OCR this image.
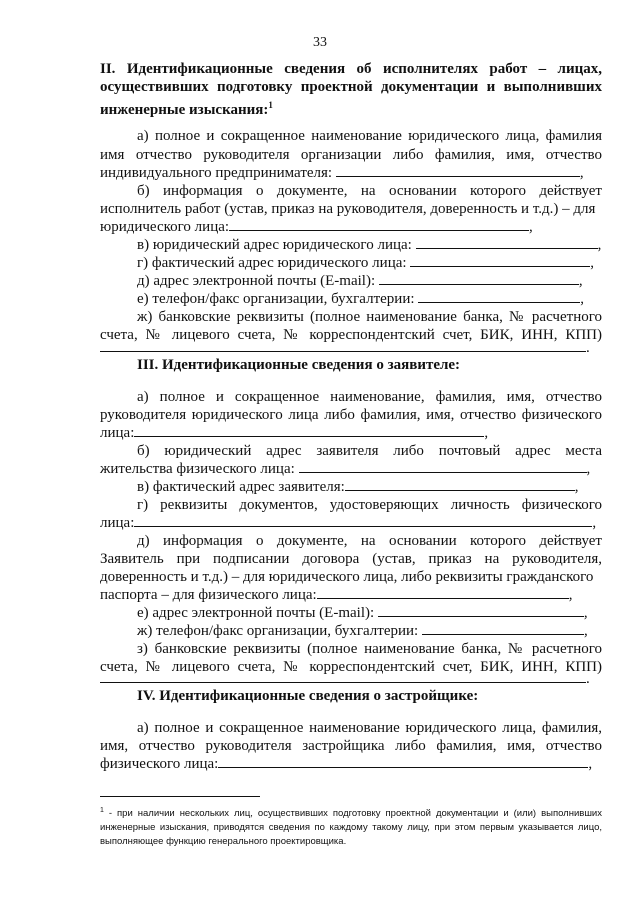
33
II. Идентификационные сведения об исполнителях работ – лицах, осуществивших подготовку проектной документации и выполнивших инженерные изыскания:$^1$
а) полное и сокращенное наименование юридического лица, фамилия
имя отчество руководителя организации либо фамилия, имя, отчество
индивидуального предпринимателя:	,
б) информация о документе, на основании которого действует
исполнитель работ (устав, приказ на руководителя, доверенность и т.д.) – для
юридического лица:	,
в) юридический адрес юридического лица:	,
г) фактический адрес юридического лица:	,
д) адрес электронной почты (E-mail):	,
е) телефон/факс организации, бухгалтерии:	,
ж) банковские реквизиты (полное наименование банка, № расчетного
счета, № лицевого счета, № корреспондентский счет, БИК, ИНН, КПП)
.
III. Идентификационные сведения о заявителе:
а) полное и сокращенное наименование, фамилия, имя, отчество
руководителя юридического лица либо фамилия, имя, отчество физического
лица:	,
б) юридический адрес заявителя либо почтовый адрес места
жительства физического лица:	,
в) фактический адрес заявителя:	,
г) реквизиты документов, удостоверяющих личность физического
лица:	,
д) информация о документе, на основании которого действует
Заявитель при подписании договора (устав, приказ на руководителя,
доверенность и т.д.) – для юридического лица, либо реквизиты гражданского
паспорта – для физического лица:	,
е) адрес электронной почты (E-mail):	,
ж) телефон/факс организации, бухгалтерии:	,
з) банковские реквизиты (полное наименование банка, № расчетного
счета, № лицевого счета, № корреспондентский счет, БИК, ИНН, КПП)
.
IV. Идентификационные сведения о застройщике:
а) полное и сокращенное наименование юридического лица, фамилия,
имя, отчество руководителя застройщика либо фамилия, имя, отчество
физического лица:	,
$^1$ - при наличии нескольких лиц, осуществивших подготовку проектной документации и (или) выполнивших инженерные изыскания, приводятся сведения по каждому такому лицу, при этом первым указывается лицо, выполняющее функцию генерального проектировщика.
